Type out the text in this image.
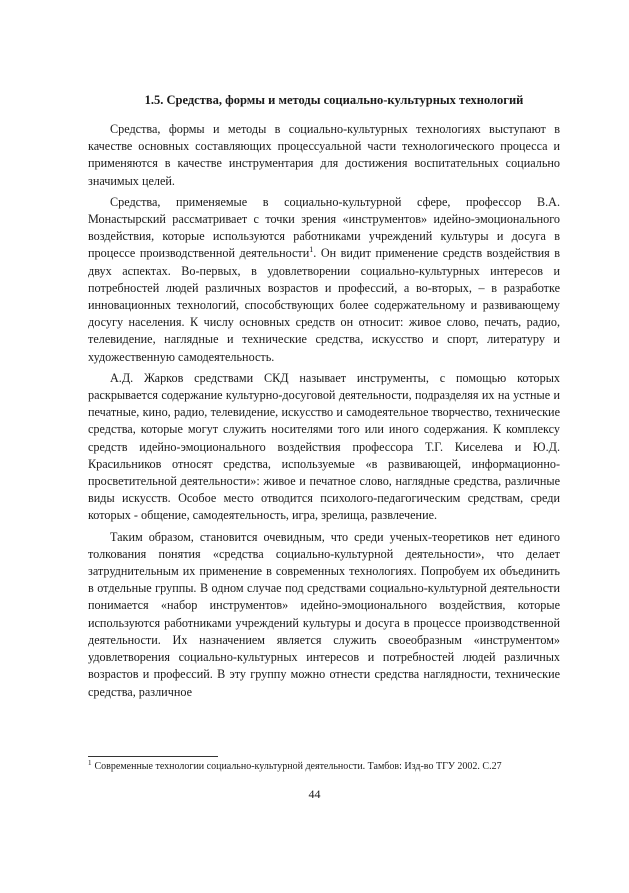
1.5. Средства, формы и методы социально-культурных технологий

Средства, формы и методы в социально-культурных технологиях выступают в качестве основных составляющих процессуальной части технологического процесса и применяются в качестве инструментария для достижения воспитательных социально значимых целей.

Средства, применяемые в социально-культурной сфере, профессор В.А. Монастырский рассматривает с точки зрения «инструментов» идейно-эмоционального воздействия, которые используются работниками учреждений культуры и досуга в процессе производственной деятельности$^1$. Он видит применение средств воздействия в двух аспектах. Во-первых, в удовлетворении социально-культурных интересов и потребностей людей различных возрастов и профессий, а во-вторых, – в разработке инновационных технологий, способствующих более содержательному и развивающему досугу населения. К числу основных средств он относит: живое слово, печать, радио, телевидение, наглядные и технические средства, искусство и спорт, литературу и художественную самодеятельность.

А.Д. Жарков средствами СКД называет инструменты, с помощью которых раскрывается содержание культурно-досуговой деятельности, подразделяя их на устные и печатные, кино, радио, телевидение, искусство и самодеятельное творчество, технические средства, которые могут служить носителями того или иного содержания. К комплексу средств идейно-эмоционального воздействия профессора Т.Г. Киселева и Ю.Д. Красильников относят средства, используемые «в развивающей, информационно-просветительной деятельности»: живое и печатное слово, наглядные средства, различные виды искусств. Особое место отводится психолого-педагогическим средствам, среди которых - общение, самодеятельность, игра, зрелища, развлечение.

Таким образом, становится очевидным, что среди ученых-теоретиков нет единого толкования понятия «средства социально-культурной деятельности», что делает затруднительным их применение в современных технологиях. Попробуем их объединить в отдельные группы. В одном случае под средствами социально-культурной деятельности понимается «набор инструментов» идейно-эмоционального воздействия, которые используются работниками учреждений культуры и досуга в процессе производственной деятельности. Их назначением является служить своеобразным «инструментом» удовлетворения социально-культурных интересов и потребностей людей различных возрастов и профессий. В эту группу можно отнести средства наглядности, технические средства, различное

$^1$ Современные технологии социально-культурной деятельности. Тамбов: Изд-во ТГУ 2002. С.27
44
